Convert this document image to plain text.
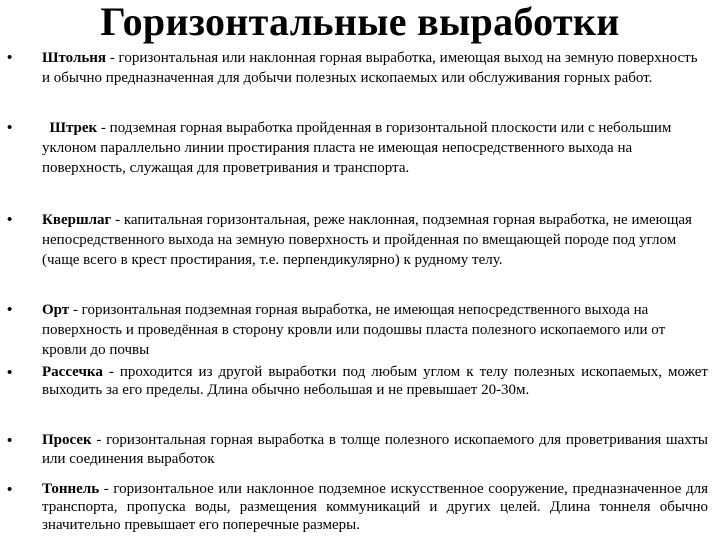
Горизонтальные выработки
• Штольня - горизонтальная или наклонная горная выработка, имеющая выход на земную поверхность и обычно предназначенная для добычи полезных ископаемых или обслуживания горных работ.
• Штрек - подземная горная выработка пройденная в горизонтальной плоскости или с небольшим уклоном параллельно линии простирания пласта не имеющая непосредственного выхода на поверхность, служащая для проветривания и транспорта.
• Квершлаг - капитальная горизонтальная, реже наклонная, подземная горная выработка, не имеющая непосредственного выхода на земную поверхность и пройденная по вмещающей породе под углом (чаще всего в крест простирания, т.е. перпендикулярно) к рудному телу.
• Орт - горизонтальная подземная горная выработка, не имеющая непосредственного выхода на поверхность и проведённая в сторону кровли или подошвы пласта полезного ископаемого или от кровли до почвы
• Рассечка - проходится из другой выработки под любым углом к телу полезных ископаемых, может выходить за его пределы. Длина обычно небольшая и не превышает 20-30м.
• Просек - горизонтальная горная выработка в толще полезного ископаемого для проветривания шахты или соединения выработок
• Тоннель - горизонтальное или наклонное подземное искусственное сооружение, предназначенное для транспорта, пропуска воды, размещения коммуникаций и других целей. Длина тоннеля обычно значительно превышает его поперечные размеры.
